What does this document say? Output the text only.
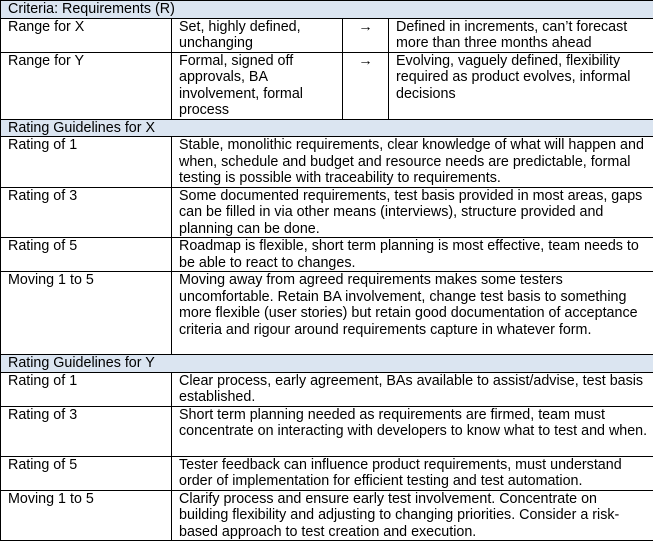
Criteria: Requirements (R)			
Range for X	Set, highly defined, unchanging	→	Defined in increments, can’t forecast more than three months ahead
Range for Y	Formal, signed off approvals, BA involvement, formal process	→	Evolving, vaguely defined, flexibility required as product evolves, informal decisions
Rating Guidelines for X			
Rating of 1	Stable, monolithic requirements, clear knowledge of what will happen and when, schedule and budget and resource needs are predictable, formal testing is possible with traceability to requirements.		
Rating of 3	Some documented requirements, test basis provided in most areas, gaps can be filled in via other means (interviews), structure provided and planning can be done.		
Rating of 5	Roadmap is flexible, short term planning is most effective, team needs to be able to react to changes.		
Moving 1 to 5	Moving away from agreed requirements makes some testers uncomfortable. Retain BA involvement, change test basis to something more flexible (user stories) but retain good documentation of acceptance criteria and rigour around requirements capture in whatever form.		
Rating Guidelines for Y			
Rating of 1	Clear process, early agreement, BAs available to assist/advise, test basis established.		
Rating of 3	Short term planning needed as requirements are firmed, team must concentrate on interacting with developers to know what to test and when.		
Rating of 5	Tester feedback can influence product requirements, must understand order of implementation for efficient testing and test automation.		
Moving 1 to 5	Clarify process and ensure early test involvement. Concentrate on building flexibility and adjusting to changing priorities. Consider a risk-based approach to test creation and execution.		
